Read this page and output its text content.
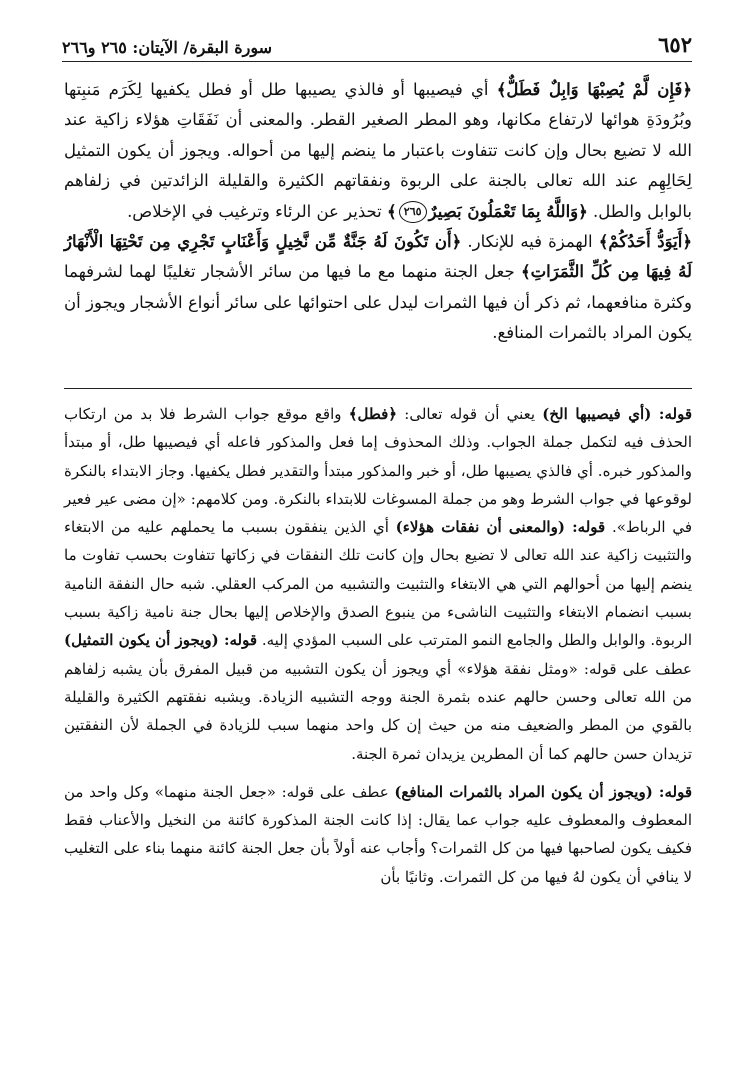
٦٥٢
سورة البقرة/ الآيتان: ٢٦٥ و٢٦٦

﴿فَإِن لَّمْ يُصِبْهَا وَابِلٌ فَطَلٌّ﴾ أي فيصيبها أو فالذي يصيبها طل أو فطل يكفيها لِكَرَم مَنبِتها وبُرُودَةِ هوائها لارتفاع مكانها، وهو المطر الصغير القطر. والمعنى أن نَفَقَاتِ هؤلاء زاكية عند الله لا تضيع بحال وإن كانت تتفاوت باعتبار ما ينضم إليها من أحواله. ويجوز أن يكون التمثيل لِحَالِهِم عند الله تعالى بالجنة على الربوة ونفقاتهم الكثيرة والقليلة الزائدتين في زلفاهم بالوابل والطل. ﴿وَاللَّهُ بِمَا تَعْمَلُونَ بَصِيرٌ٢٦٥﴾ تحذير عن الرئاء وترغيب في الإخلاص.

﴿أَيَوَدُّ أَحَدُكُمْ﴾ الهمزة فيه للإنكار. ﴿أَن تَكُونَ لَهُ جَنَّةٌ مِّن نَّخِيلٍ وَأَعْنَابٍ تَجْرِي مِن تَحْتِهَا الْأَنْهَارُ لَهُ فِيهَا مِن كُلِّ الثَّمَرَاتِ﴾ جعل الجنة منهما مع ما فيها من سائر الأشجار تغليبًا لهما لشرفهما وكثرة منافعهما، ثم ذكر أن فيها الثمرات ليدل على احتوائها على سائر أنواع الأشجار ويجوز أن يكون المراد بالثمرات المنافع.

قوله: (أي فيصيبها الخ) يعني أن قوله تعالى: ﴿فطل﴾ واقع موقع جواب الشرط فلا بد من ارتكاب الحذف فيه لتكمل جملة الجواب. وذلك المحذوف إما فعل والمذكور فاعله أي فيصيبها طل، أو مبتدأ والمذكور خبره. أي فالذي يصيبها طل، أو خبر والمذكور مبتدأ والتقدير فطل يكفيها. وجاز الابتداء بالنكرة لوقوعها في جواب الشرط وهو من جملة المسوغات للابتداء بالنكرة. ومن كلامهم: «إن مضى عير فعير في الرباط». قوله: (والمعنى أن نفقات هؤلاء) أي الذين ينفقون بسبب ما يحملهم عليه من الابتغاء والتثبيت زاكية عند الله تعالى لا تضيع بحال وإن كانت تلك النفقات في زكاتها تتفاوت بحسب تفاوت ما ينضم إليها من أحوالهم التي هي الابتغاء والتثبيت والتشبيه من المركب العقلي. شبه حال النفقة النامية بسبب انضمام الابتغاء والتثبيت الناشىء من ينبوع الصدق والإخلاص إليها بحال جنة نامية زاكية بسبب الربوة. والوابل والطل والجامع النمو المترتب على السبب المؤدي إليه. قوله: (ويجوز أن يكون التمثيل) عطف على قوله: «ومثل نفقة هؤلاء» أي ويجوز أن يكون التشبيه من قبيل المفرق بأن يشبه زلفاهم من الله تعالى وحسن حالهم عنده بثمرة الجنة ووجه التشبيه الزيادة. ويشبه نفقتهم الكثيرة والقليلة بالقوي من المطر والضعيف منه من حيث إن كل واحد منهما سبب للزيادة في الجملة لأن النفقتين تزيدان حسن حالهم كما أن المطرين يزيدان ثمرة الجنة.

قوله: (ويجوز أن يكون المراد بالثمرات المنافع) عطف على قوله: «جعل الجنة منهما» وكل واحد من المعطوف والمعطوف عليه جواب عما يقال: إذا كانت الجنة المذكورة كائنة من النخيل والأعناب فقط فكيف يكون لصاحبها فيها من كل الثمرات؟ وأجاب عنه أولاً بأن جعل الجنة كائنة منهما بناء على التغليب لا ينافي أن يكون لهُ فيها من كل الثمرات. وثانيًا بأن
